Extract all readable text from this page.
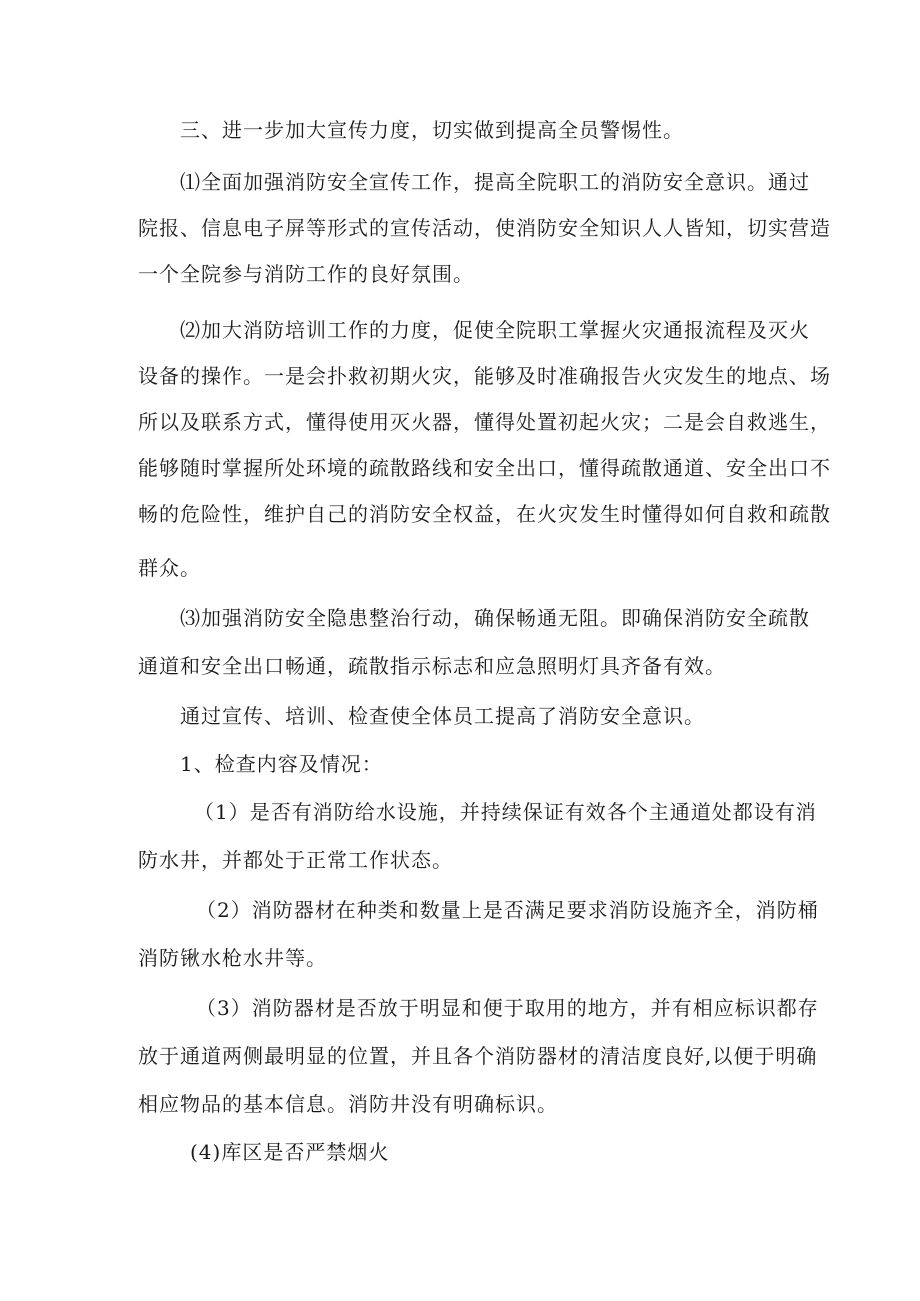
三、进一步加大宣传力度，切实做到提高全员警惕性。
⑴全面加强消防安全宣传工作，提高全院职工的消防安全意识。通过
院报、信息电子屏等形式的宣传活动，使消防安全知识人人皆知，切实营造
一个全院参与消防工作的良好氛围。
⑵加大消防培训工作的力度，促使全院职工掌握火灾通报流程及灭火
设备的操作。一是会扑救初期火灾，能够及时准确报告火灾发生的地点、场
所以及联系方式，懂得使用灭火器，懂得处置初起火灾；二是会自救逃生，
能够随时掌握所处环境的疏散路线和安全出口，懂得疏散通道、安全出口不
畅的危险性，维护自己的消防安全权益，在火灾发生时懂得如何自救和疏散
群众。
⑶加强消防安全隐患整治行动，确保畅通无阻。即确保消防安全疏散
通道和安全出口畅通，疏散指示标志和应急照明灯具齐备有效。
通过宣传、培训、检查使全体员工提高了消防安全意识。
1、检查内容及情况：
（1）是否有消防给水设施，并持续保证有效各个主通道处都设有消
防水井，并都处于正常工作状态。
（2）消防器材在种类和数量上是否满足要求消防设施齐全，消防桶
消防锹水枪水井等。
（3）消防器材是否放于明显和便于取用的地方，并有相应标识都存
放于通道两侧最明显的位置，并且各个消防器材的清洁度良好,以便于明确
相应物品的基本信息。消防井没有明确标识。
(4)库区是否严禁烟火
